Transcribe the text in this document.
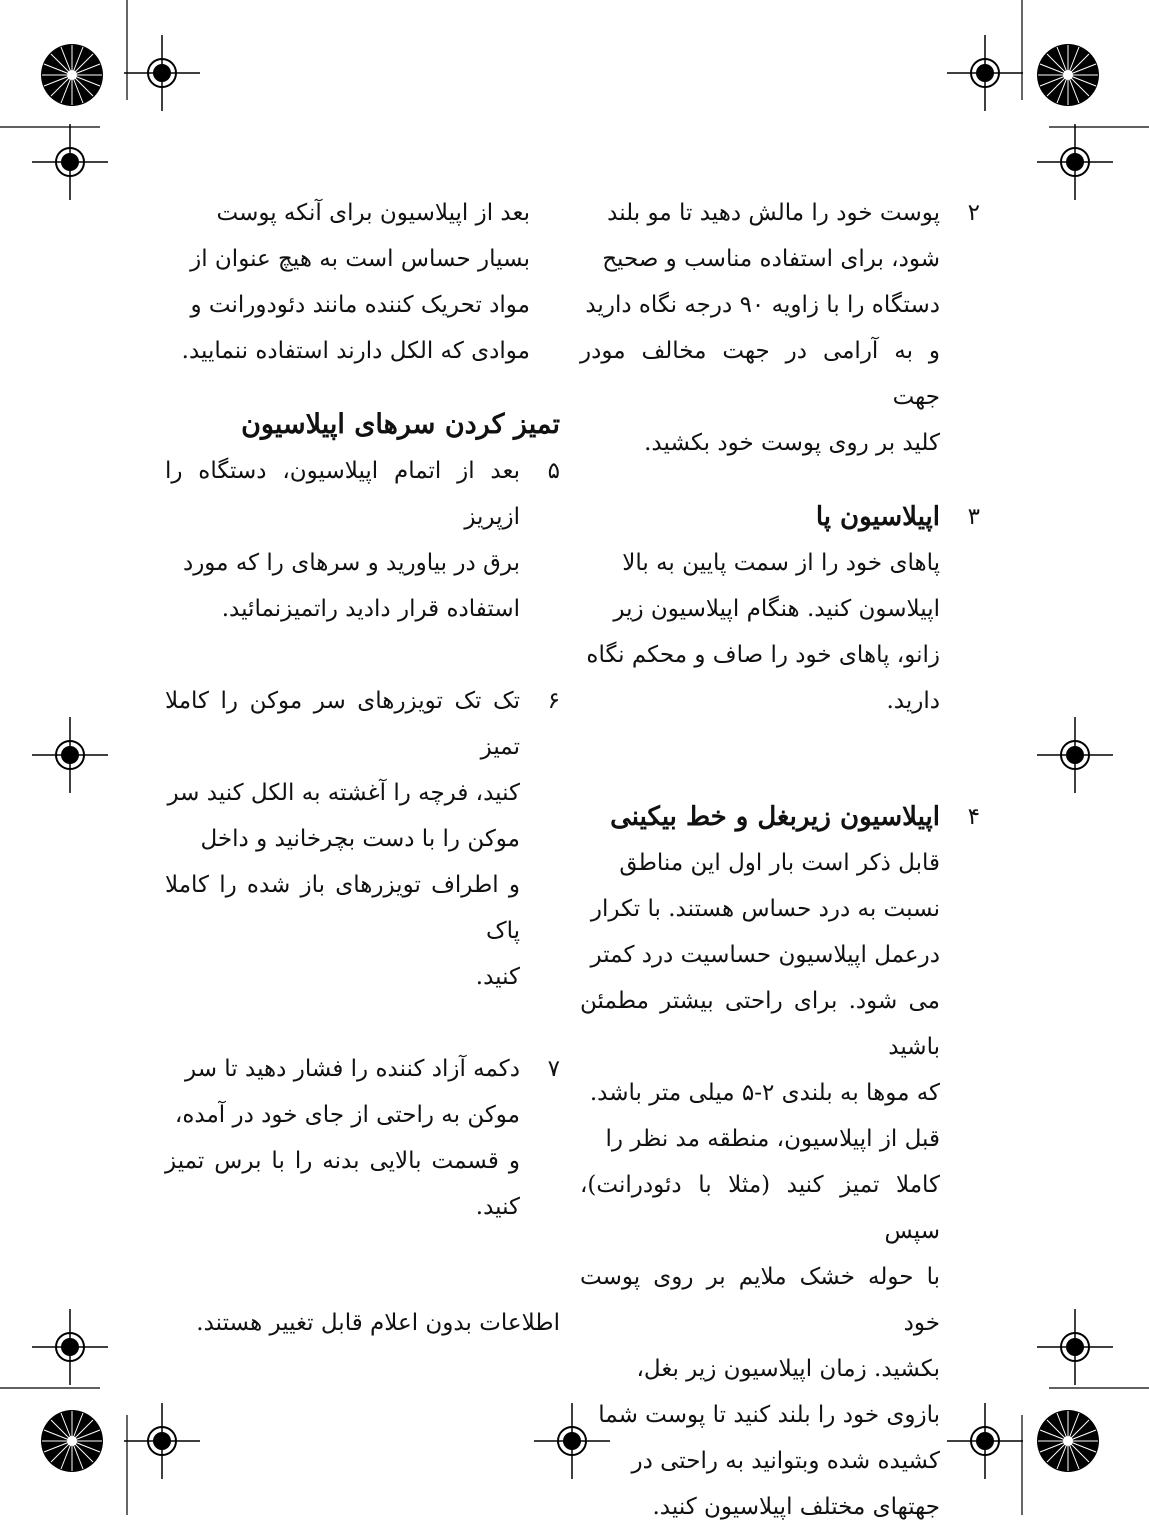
۲

پوست خود را مالش دهید تا مو بلند

شود، برای استفاده مناسب و صحیح

دستگاه را با زاویه ۹۰ درجه نگاه دارید

و به آرامی در جهت مخالف مودر جهت

کلید بر روی پوست خود بکشید.

۳

اپیلاسیون پا

پاهای خود را از سمت پایین به بالا

اپیلاسون کنید. هنگام اپیلاسیون زیر

زانو، پاهای خود را صاف و محکم نگاه

دارید.

۴

اپیلاسیون زیربغل و خط بیکینی

قابل ذکر است بار اول این مناطق

نسبت به درد حساس هستند. با تکرار

درعمل اپیلاسیون حساسیت درد کمتر

می شود. برای راحتی بیشتر مطمئن باشید

که موها به بلندی ۲-۵ میلی متر باشد.

قبل از اپیلاسیون، منطقه مد نظر را

کاملا تمیز کنید (مثلا با دئودرانت)، سپس

با حوله خشک ملایم بر روی پوست خود

بکشید. زمان اپیلاسیون زیر بغل،

بازوی خود را بلند کنید تا پوست شما

کشیده شده وبتوانید به راحتی در

جهتهای مختلف اپیلاسیون کنید.

بعد از اپیلاسیون برای آنکه پوست

بسیار حساس است به هیچ عنوان از

مواد تحریک کننده مانند دئودورانت و

موادی که الکل دارند استفاده ننمایید.

تمیز کردن سرهای اپیلاسیون

۵

بعد از اتمام اپیلاسیون، دستگاه را ازپریز

برق در بیاورید و سرهای را که مورد

استفاده قرار دادید راتمیزنمائید.

۶

تک تک تویزرهای سر موکن را کاملا تمیز

کنید، فرچه را آغشته به الکل کنید سر

موکن را با دست بچرخانید و داخل

و اطراف تویزرهای باز شده را کاملا پاک

کنید.

۷

دکمه آزاد کننده را فشار دهید تا سر

موکن به راحتی از جای خود در آمده،

و قسمت بالایی بدنه را با برس تمیز کنید.

اطلاعات بدون اعلام قابل تغییر هستند.
